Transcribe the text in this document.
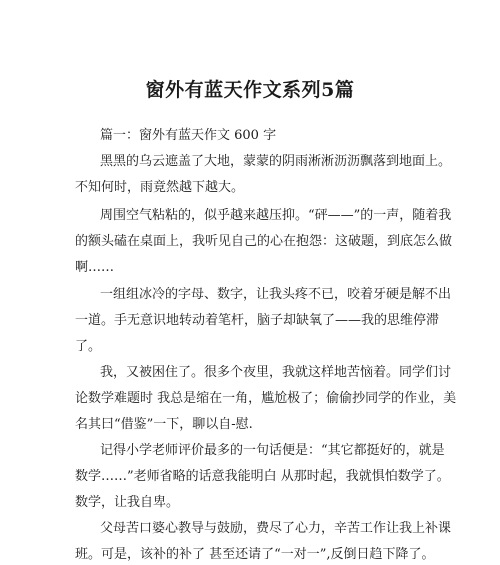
窗外有蓝天作文系列5篇
篇一：窗外有蓝天作文 600 字
黑黑的乌云遮盖了大地，蒙蒙的阴雨淅淅沥沥飘落到地面上。
不知何时，雨竟然越下越大。
周围空气粘粘的，似乎越来越压抑。“砰——”的一声，随着我
的额头磕在桌面上，我听见自己的心在抱怨：这破题，到底怎么做
啊……
一组组冰冷的字母、数字，让我头疼不已，咬着牙硬是解不出
一道。手无意识地转动着笔杆，脑子却缺氧了——我的思维停滞
了。
我，又被困住了。很多个夜里，我就这样地苦恼着。同学们讨
论数学难题时 我总是缩在一角，尴尬极了；偷偷抄同学的作业，美
名其曰“借鉴”一下，聊以自-慰.
记得小学老师评价最多的一句话便是：“其它都挺好的，就是
数学……”老师省略的话意我能明白 从那时起，我就惧怕数学了。
数学，让我自卑。
父母苦口婆心教导与鼓励，费尽了心力，辛苦工作让我上补课
班。可是，该补的补了 甚至还请了“一对一”,反倒日趋下降了。
